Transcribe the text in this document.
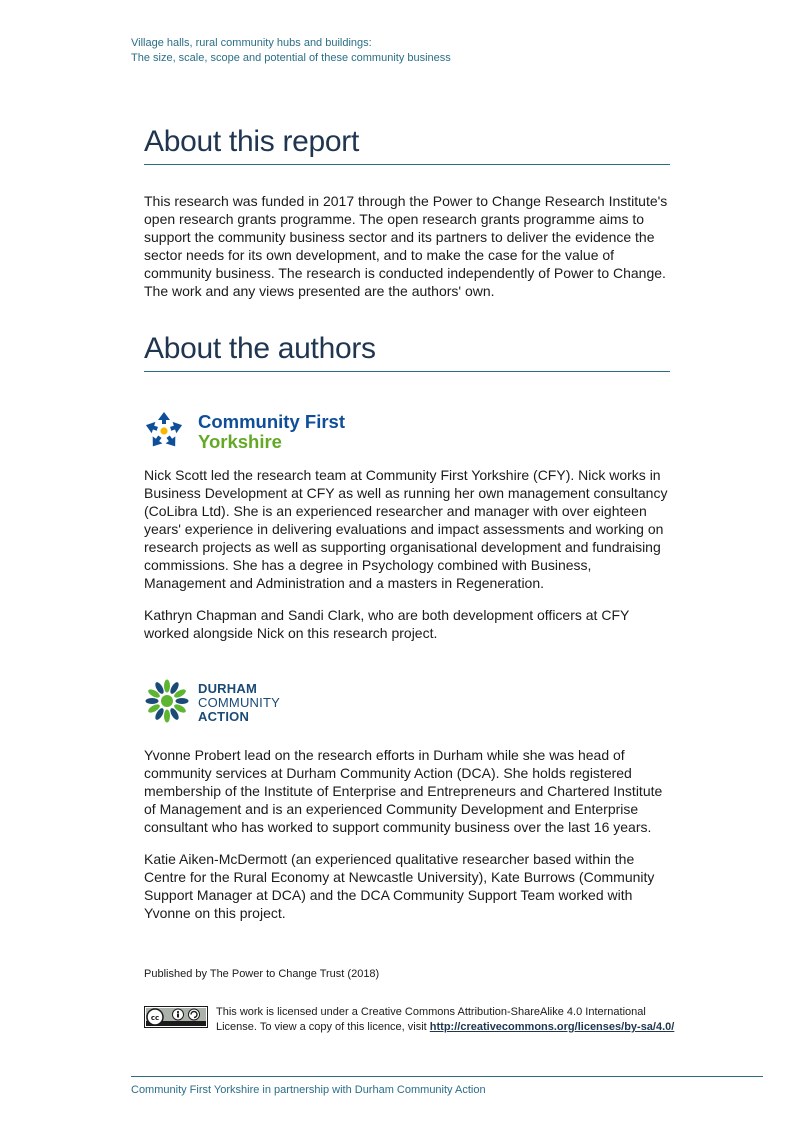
Village halls, rural community hubs and buildings:
The size, scale, scope and potential of these community business
About this report

This research was funded in 2017 through the Power to Change Research Institute's open research grants programme. The open research grants programme aims to support the community business sector and its partners to deliver the evidence the sector needs for its own development, and to make the case for the value of community business. The research is conducted independently of Power to Change. The work and any views presented are the authors' own.

About the authors
Community First
Yorkshire

Nick Scott led the research team at Community First Yorkshire (CFY). Nick works in Business Development at CFY as well as running her own management consultancy (CoLibra Ltd). She is an experienced researcher and manager with over eighteen years' experience in delivering evaluations and impact assessments and working on research projects as well as supporting organisational development and fundraising commissions. She has a degree in Psychology combined with Business, Management and Administration and a masters in Regeneration.

Kathryn Chapman and Sandi Clark, who are both development officers at CFY worked alongside Nick on this research project.

DURHAM
COMMUNITY
ACTION

Yvonne Probert lead on the research efforts in Durham while she was head of community services at Durham Community Action (DCA). She holds registered membership of the Institute of Enterprise and Entrepreneurs and Chartered Institute of Management and is an experienced Community Development and Enterprise consultant who has worked to support community business over the last 16 years.

Katie Aiken-McDermott (an experienced qualitative researcher based within the Centre for the Rural Economy at Newcastle University), Kate Burrows (Community Support Manager at DCA) and the DCA Community Support Team worked with Yvonne on this project.

Published by The Power to Change Trust (2018)
cc	This work is licensed under a Creative Commons Attribution-ShareAlike 4.0 International License. To view a copy of this licence, visit http://creativecommons.org/licenses/by-sa/4.0/
Community First Yorkshire in partnership with Durham Community Action
